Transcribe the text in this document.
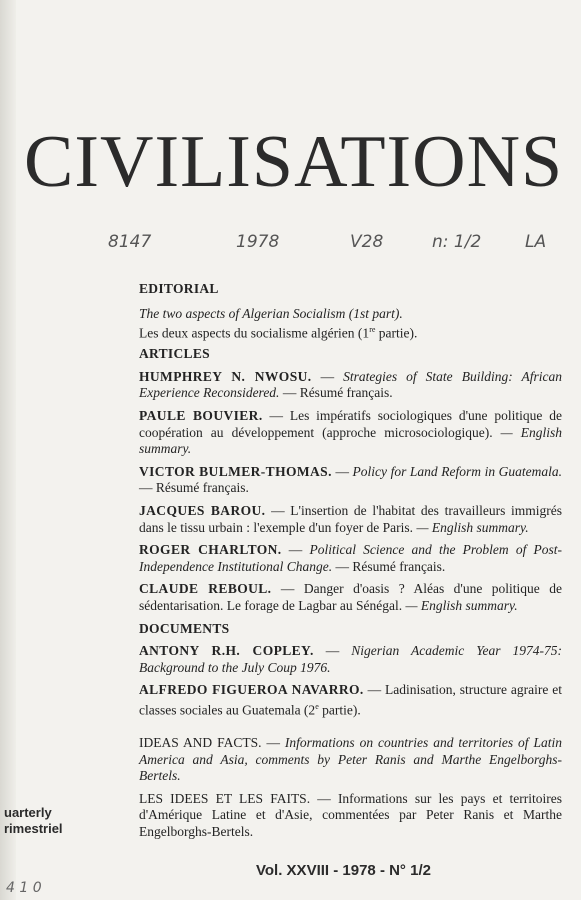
CIVILISATIONS
8147	1978	V28	n: 1/2	LA
EDITORIAL
The two aspects of Algerian Socialism (1st part).
Les deux aspects du socialisme algérien (1re partie).
ARTICLES
HUMPHREY N. NWOSU. — Strategies of State Building: African Experience Reconsidered. — Résumé français.
PAULE BOUVIER. — Les impératifs sociologiques d'une politique de coopération au développement (approche microsociologique). — English summary.
VICTOR BULMER-THOMAS. — Policy for Land Reform in Guatemala. — Résumé français.
JACQUES BAROU. — L'insertion de l'habitat des travailleurs immigrés dans le tissu urbain : l'exemple d'un foyer de Paris. — English summary.
ROGER CHARLTON. — Political Science and the Problem of Post-Independence Institutional Change. — Résumé français.
CLAUDE REBOUL. — Danger d'oasis ? Aléas d'une politique de sédentarisation. Le forage de Lagbar au Sénégal. — English summary.
DOCUMENTS
ANTONY R.H. COPLEY. — Nigerian Academic Year 1974-75: Background to the July Coup 1976.
ALFREDO FIGUEROA NAVARRO. — Ladinisation, structure agraire et classes sociales au Guatemala (2e partie).
IDEAS AND FACTS. — Informations on countries and territories of Latin America and Asia, comments by Peter Ranis and Marthe Engelborghs-Bertels.
LES IDEES ET LES FAITS. — Informations sur les pays et territoires d'Amérique Latine et d'Asie, commentées par Peter Ranis et Marthe Engelborghs-Bertels.
uarterly
rimestriel
Vol. XXVIII - 1978 - N° 1/2
4 1 0
